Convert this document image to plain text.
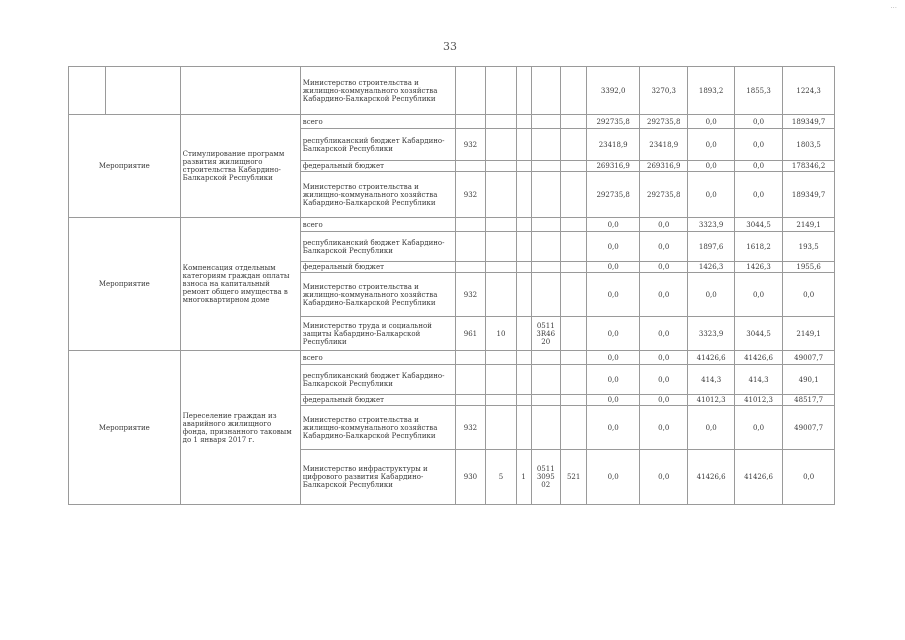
33
...
			Министерство строительства и жилищно-коммунального хозяйства Кабардино-Балкарской Республики						3392,0	3270,3	1893,2	1855,3	1224,3
Мероприятие		Стимулирование программ развития жилищного строительства Кабардино-Балкарской Республики	всего						292735,8	292735,8	0,0	0,0	189349,7
			республиканский бюджет Кабардино- Балкарской Республики	932					23418,9	23418,9	0,0	0,0	1803,5
			федеральный бюджет						269316,9	269316,9	0,0	0,0	178346,2
			Министерство строительства и жилищно-коммунального хозяйства Кабардино-Балкарской Республики	932					292735,8	292735,8	0,0	0,0	189349,7
Мероприятие		Компенсация отдельным категориям граждан оплаты взноса на капитальный ремонт общего имущества в многоквартирном доме	всего						0,0	0,0	3323,9	3044,5	2149,1
			республиканский бюджет Кабардино- Балкарской Республики						0,0	0,0	1897,6	1618,2	193,5
			федеральный бюджет						0,0	0,0	1426,3	1426,3	1955,6
			Министерство строительства и жилищно-коммунального хозяйства Кабардино-Балкарской Республики	932					0,0	0,0	0,0	0,0	0,0
			Министерство труда и социальной защиты Кабардино-Балкарской Республики	961	10		0511 3R46 20		0,0	0,0	3323,9	3044,5	2149,1
Мероприятие		Переселение граждан из аварийного жилищного фонда, признанного таковым до 1 января 2017 г.	всего						0,0	0,0	41426,6	41426,6	49007,7
			республиканский бюджет Кабардино- Балкарской Республики						0,0	0,0	414,3	414,3	490,1
			федеральный бюджет						0,0	0,0	41012,3	41012,3	48517,7
			Министерство строительства и жилищно-коммунального хозяйства Кабардино-Балкарской Республики	932					0,0	0,0	0,0	0,0	49007,7
			Министерство инфраструктуры и цифрового развития Кабардино-Балкарской Республики	930	5	1	0511 3095 02	521	0,0	0,0	41426,6	41426,6	0,0
